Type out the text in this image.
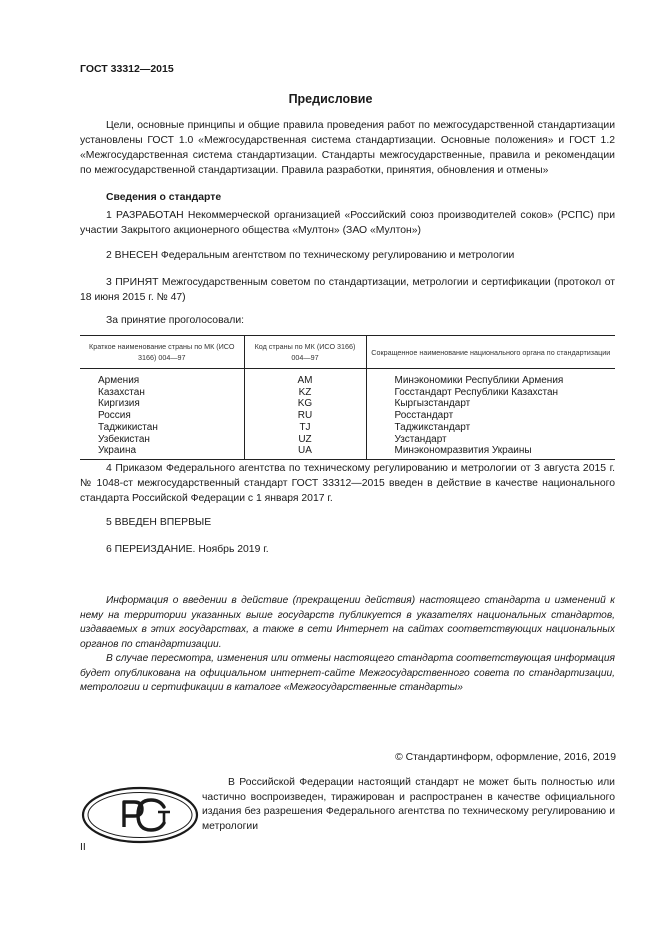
ГОСТ 33312—2015
Предисловие

Цели, основные принципы и общие правила проведения работ по межгосударственной стандартизации установлены ГОСТ 1.0 «Межгосударственная система стандартизации. Основные положения» и ГОСТ 1.2 «Межгосударственная система стандартизации. Стандарты межгосударственные, правила и рекомендации по межгосударственной стандартизации. Правила разработки, принятия, обновления и отмены»

Сведения о стандарте

1 РАЗРАБОТАН Некоммерческой организацией «Российский союз производителей соков» (РСПС) при участии Закрытого акционерного общества «Мултон» (ЗАО «Мултон»)

2 ВНЕСЕН Федеральным агентством по техническому регулированию и метрологии

3 ПРИНЯТ Межгосударственным советом по стандартизации, метрологии и сертификации (протокол от 18 июня 2015 г. № 47)

За принятие проголосовали:

Краткое наименование страны по МК (ИСО 3166) 004—97	Код страны по МК (ИСО 3166) 004—97	Сокращенное наименование национального органа по стандартизации
Армения	AM	Минэкономики Республики Армения
Казахстан	KZ	Госстандарт Республики Казахстан
Киргизия	KG	Кыргызстандарт
Россия	RU	Росстандарт
Таджикистан	TJ	Таджикстандарт
Узбекистан	UZ	Узстандарт
Украина	UA	Минэкономразвития Украины

4 Приказом Федерального агентства по техническому регулированию и метрологии от 3 августа 2015 г. № 1048-ст межгосударственный стандарт ГОСТ 33312—2015 введен в действие в качестве национального стандарта Российской Федерации с 1 января 2017 г.

5 ВВЕДЕН ВПЕРВЫЕ

6 ПЕРЕИЗДАНИЕ. Ноябрь 2019 г.

Информация о введении в действие (прекращении действия) настоящего стандарта и изменений к нему на территории указанных выше государств публикуется в указателях национальных стандартов, издаваемых в этих государствах, а также в сети Интернет на сайтах соответствующих национальных органов по стандартизации.

В случае пересмотра, изменения или отмены настоящего стандарта соответствующая информация будет опубликована на официальном интернет-сайте Межгосударственного совета по стандартизации, метрологии и сертификации в каталоге «Межгосударственные стандарты»

© Стандартинформ, оформление, 2016, 2019

В Российской Федерации настоящий стандарт не может быть полностью или частично воспроизведен, тиражирован и распространен в качестве официального издания без разрешения Федерального агентства по техническому регулированию и метрологии

II
